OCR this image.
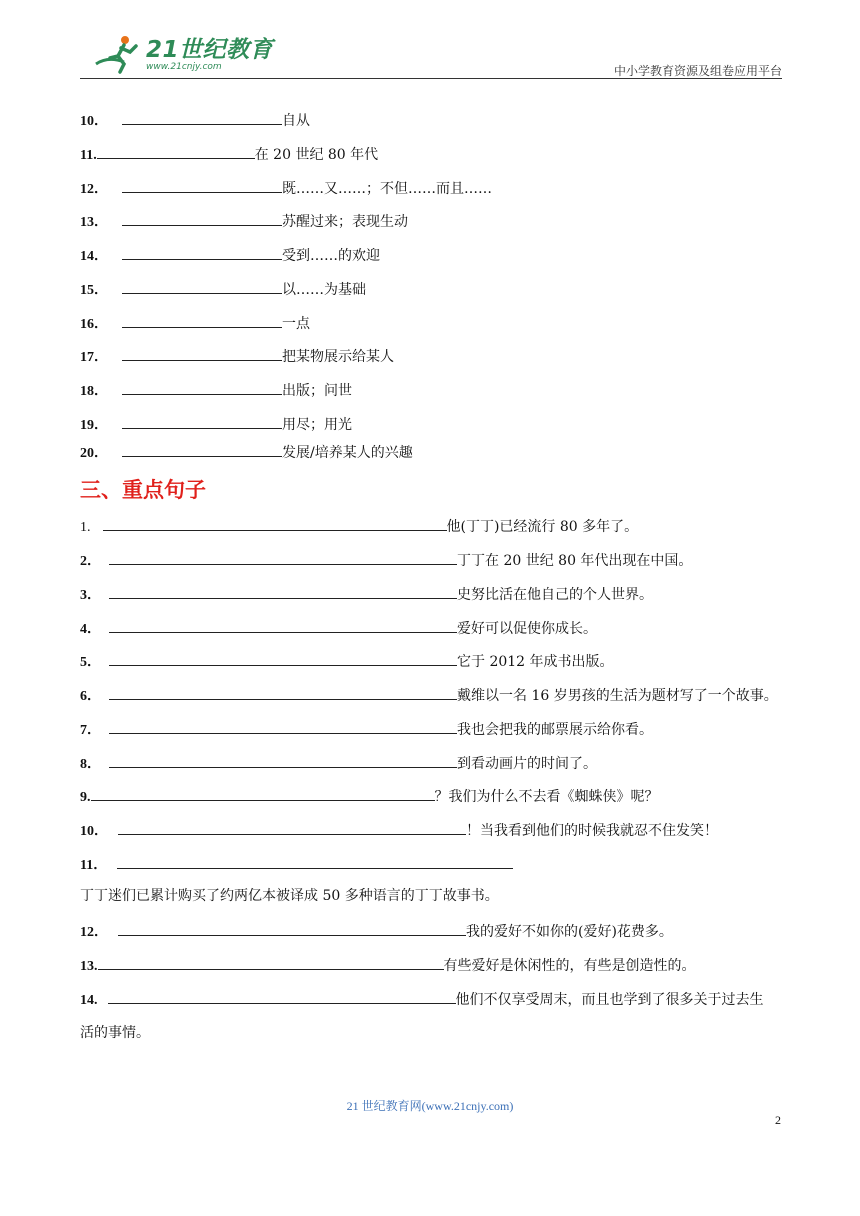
21世纪教育
www.21cnjy.com	中小学教育资源及组卷应用平台
10．	自从
11.	在 20 世纪 80 年代
12．	既……又……；不但……而且……
13．	苏醒过来；表现生动
14．	受到……的欢迎
15．	以……为基础
16．	一点
17．	把某物展示给某人
18．	出版；问世
19．	用尽；用光
20．	发展/培养某人的兴趣
三、重点句子
1.	他(丁丁)已经流行 80 多年了。
2．	丁丁在 20 世纪 80 年代出现在中国。
3．	史努比活在他自己的个人世界。
4．	爱好可以促使你成长。
5．	它于 2012 年成书出版。
6．	戴维以一名 16 岁男孩的生活为题材写了一个故事。
7．	我也会把我的邮票展示给你看。
8．	到看动画片的时间了。
9.	？我们为什么不去看《蜘蛛侠》呢？
10．	！当我看到他们的时候我就忍不住发笑！
11．
丁丁迷们已累计购买了约两亿本被译成 50 多种语言的丁丁故事书。
12．	我的爱好不如你的(爱好)花费多。
13.	有些爱好是休闲性的，有些是创造性的。
14.	他们不仅享受周末，而且也学到了很多关于过去生
活的事情。
21 世纪教育网(www.21cnjy.com)
2
